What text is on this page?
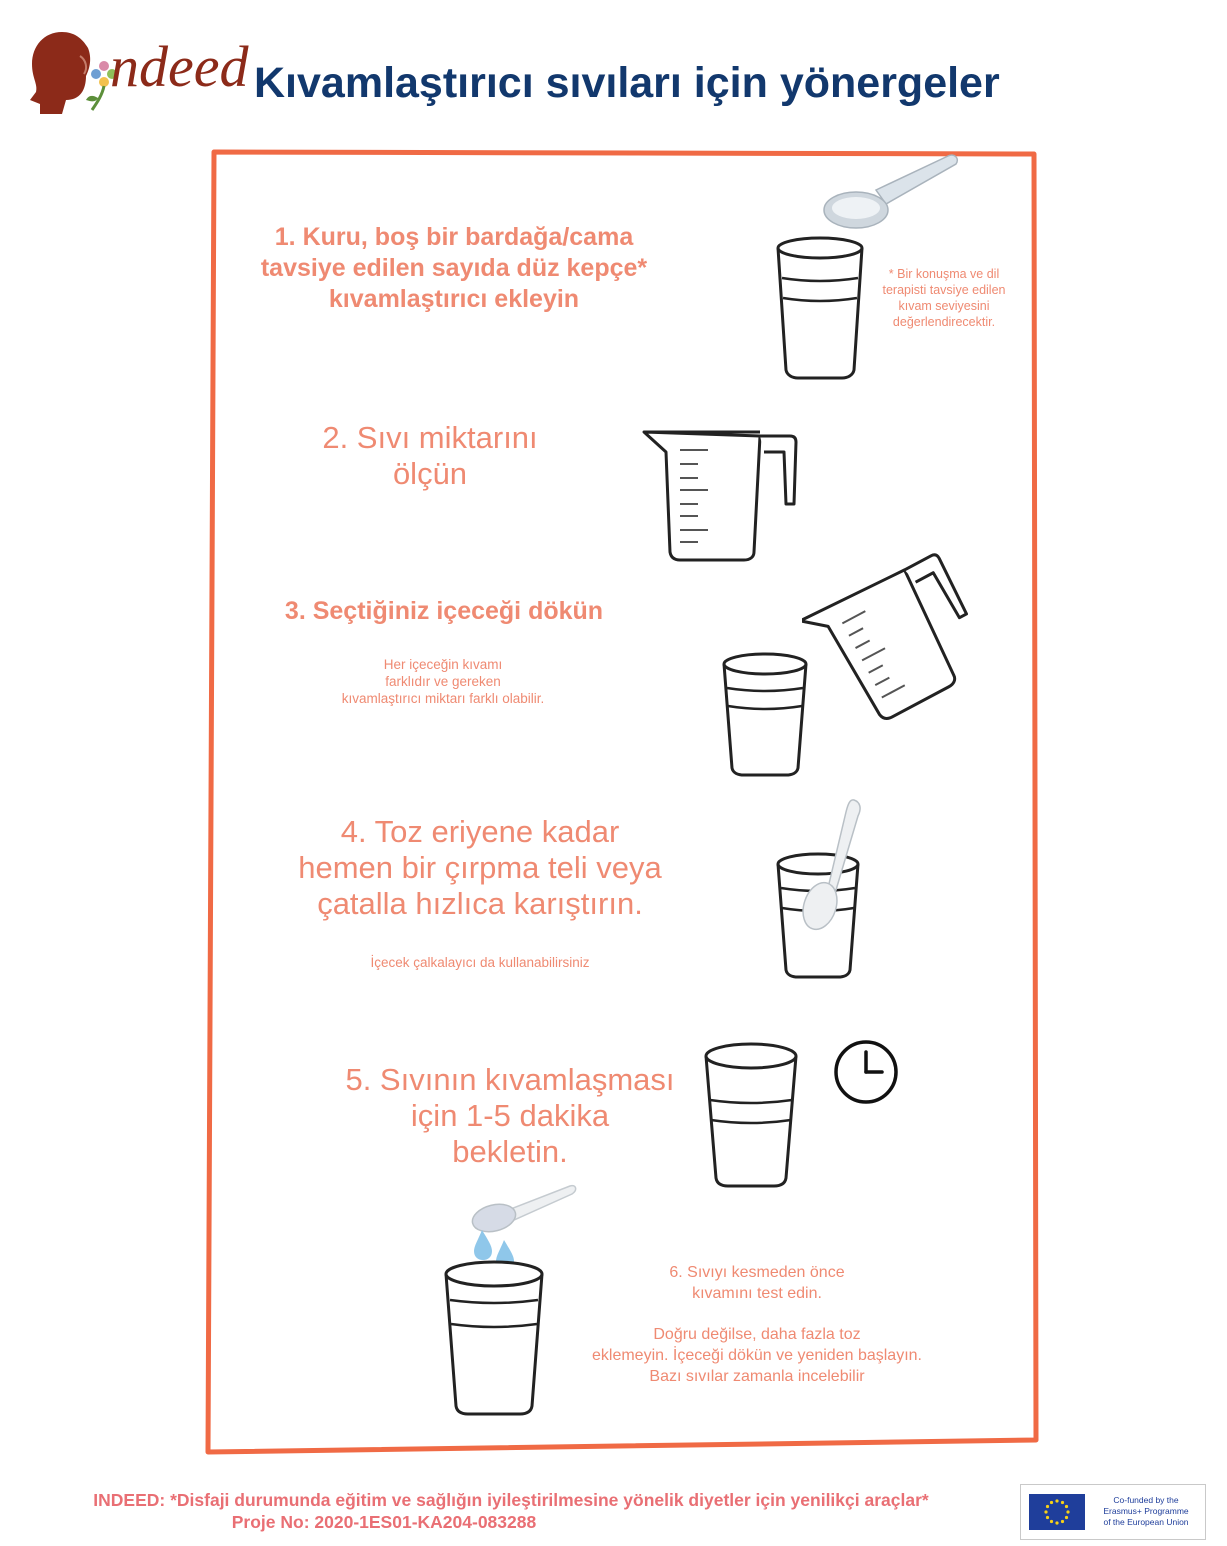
ndeed Kıvamlaştırıcı sıvıları için yönergeler
1. Kuru, boş bir bardağa/cama
tavsiye edilen sayıda düz kepçe*
kıvamlaştırıcı ekleyin
* Bir konuşma ve dil
terapisti tavsiye edilen
kıvam seviyesini
değerlendirecektir.
2. Sıvı miktarını
ölçün
3. Seçtiğiniz içeceği dökün
Her içeceğin kıvamı
farklıdır ve gereken
kıvamlaştırıcı miktarı farklı olabilir.
4. Toz eriyene kadar
hemen bir çırpma teli veya
çatalla hızlıca karıştırın.
İçecek çalkalayıcı da kullanabilirsiniz
5. Sıvının kıvamlaşması
için 1-5 dakika
bekletin.
6. Sıvıyı kesmeden önce
kıvamını test edin.
Doğru değilse, daha fazla toz
eklemeyin. İçeceği dökün ve yeniden başlayın.
Bazı sıvılar zamanla incelebilir
INDEED: *Disfaji durumunda eğitim ve sağlığın iyileştirilmesine yönelik diyetler için yenilikçi araçlar*
Proje No: 2020-1ES01-KA204-083288
Co-funded by the
Erasmus+ Programme
of the European Union
